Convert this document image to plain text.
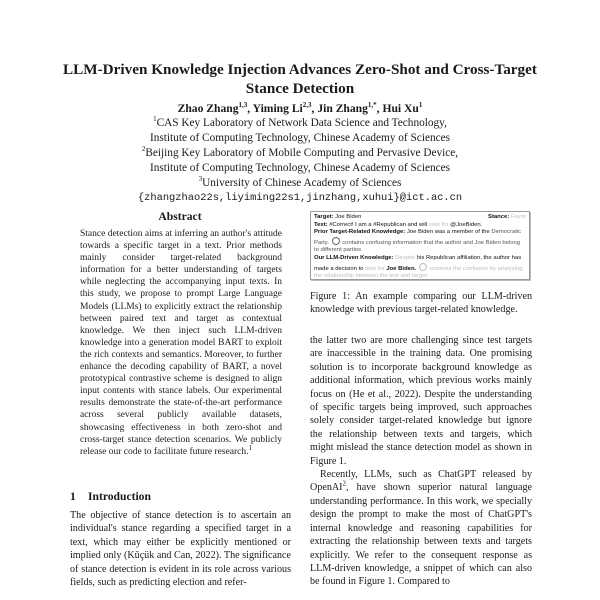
LLM-Driven Knowledge Injection Advances Zero-Shot and Cross-Target
Stance Detection
Zhao Zhang$^{1,3}$, Yiming Li$^{2,3}$, Jin Zhang$^{1,*}$, Hui Xu$^1$
$^1$CAS Key Laboratory of Network Data Science and Technology,
Institute of Computing Technology, Chinese Academy of Sciences
$^2$Beijing Key Laboratory of Mobile Computing and Pervasive Device,
Institute of Computing Technology, Chinese Academy of Sciences
$^3$University of Chinese Academy of Sciences
{zhangzhao22s,liyiming22s1,jinzhang,xuhui}@ict.ac.cn
Abstract
Stance detection aims at inferring an author's attitude towards a specific target in a text. Prior methods mainly consider target-related background information for a better understanding of targets while neglecting the accompanying input texts. In this study, we propose to prompt Large Language Models (LLMs) to explicitly extract the relationship between paired text and target as contextual knowledge. We then inject such LLM-driven knowledge into a generation model BART to exploit the rich contexts and semantics. Moreover, to further enhance the decoding capability of BART, a novel prototypical contrastive scheme is designed to align input contents with stance labels. Our experimental results demonstrate the state-of-the-art performance across several publicly available datasets, showcasing effectiveness in both zero-shot and cross-target stance detection scenarios. We publicly release our code to facilitate future research.$^1$
1 Introduction
The objective of stance detection is to ascertain an individual's stance regarding a specified target in a text, which may either be explicitly mentioned or implied only (Küçük and Can, 2022). The significance of stance detection is evident in its role across various fields, such as predicting election and refer-
Target: Joe Biden	Stance: Favor
Text: #Correct! I am a #Republican and will vote for @JoeBiden.
Prior Target-Related Knowledge: Joe Biden was a member of the Democratic Party. contains confusing information that the author and Joe Biden belong to different parties
Our LLM-Driven Knowledge: Despite his Republican affiliation, the author has made a decision to vote for Joe Biden. resolves the confusion by analyzing the relationship between the text and target
Figure 1: An example comparing our LLM-driven knowledge with previous target-related knowledge.

the latter two are more challenging since test targets are inaccessible in the training data. One promising solution is to incorporate background knowledge as additional information, which previous works mainly focus on (He et al., 2022). Despite the understanding of specific targets being improved, such approaches solely consider target-related knowledge but ignore the relationship between texts and targets, which might mislead the stance detection model as shown in Figure 1.

Recently, LLMs, such as ChatGPT released by OpenAI$^2$, have shown superior natural language understanding performance. In this work, we specially design the prompt to make the most of ChatGPT's internal knowledge and reasoning capabilities for extracting the relationship between texts and targets explicitly. We refer to the consequent response as LLM-driven knowledge, a snippet of which can also be found in Figure 1. Compared to
